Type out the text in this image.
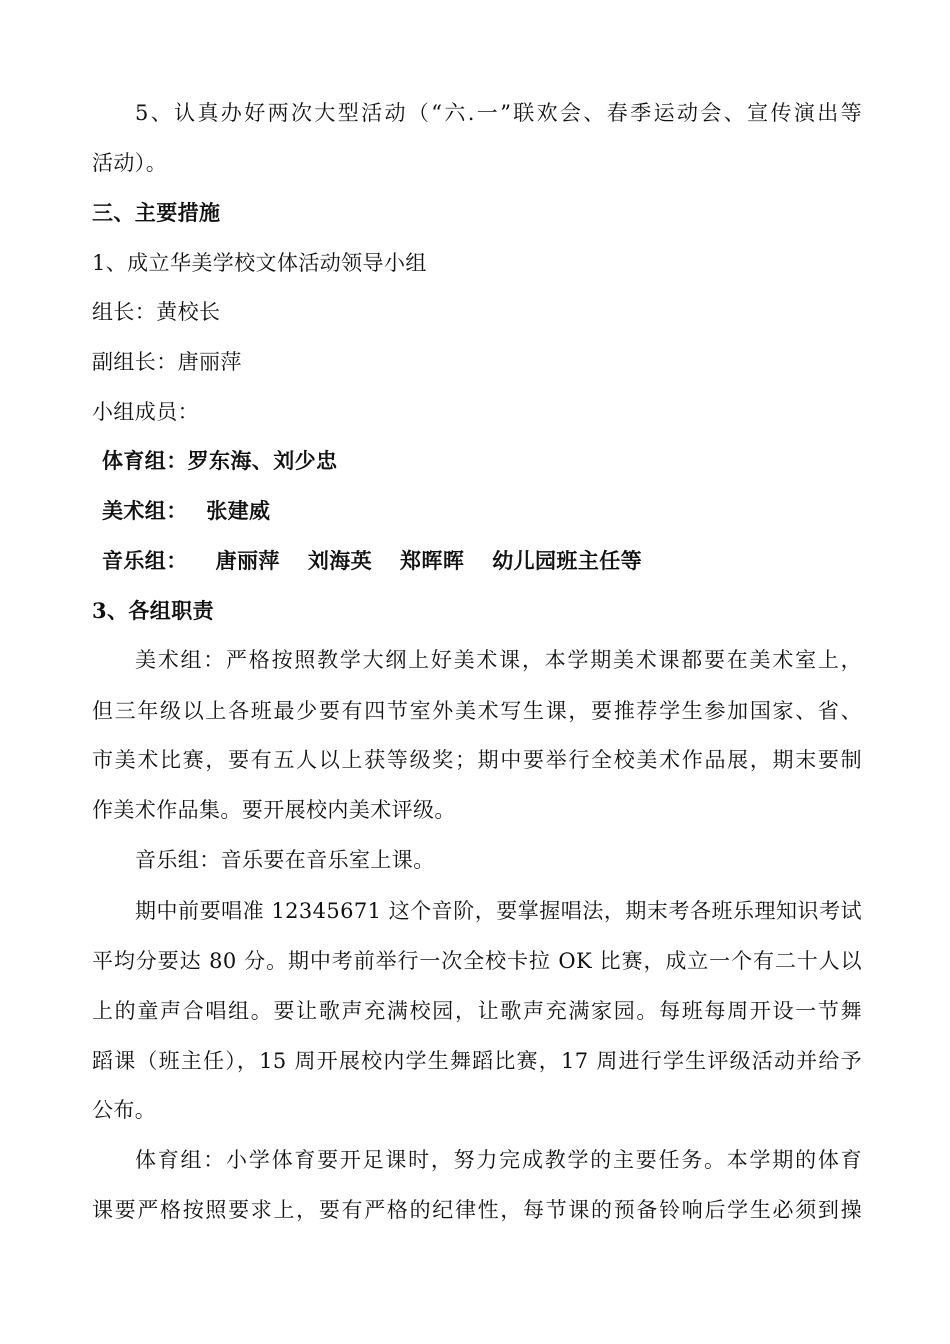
5、认真办好两次大型活动（“六.一”联欢会、春季运动会、宣传演出等
活动）。
三、主要措施
1、成立华美学校文体活动领导小组
组长：黄校长
副组长：唐丽萍
小组成员：
体育组：罗东海、刘少忠
美术组：　 张建威
音乐组： 唐丽萍 刘海英 郑晖晖 幼儿园班主任等
3、各组职责
美术组：严格按照教学大纲上好美术课，本学期美术课都要在美术室上，
但三年级以上各班最少要有四节室外美术写生课，要推荐学生参加国家、省、
市美术比赛，要有五人以上获等级奖；期中要举行全校美术作品展，期末要制
作美术作品集。要开展校内美术评级。
音乐组：音乐要在音乐室上课。
期中前要唱准 12345671 这个音阶，要掌握唱法，期末考各班乐理知识考试
平均分要达 80 分。期中考前举行一次全校卡拉 OK 比赛，成立一个有二十人以
上的童声合唱组。要让歌声充满校园，让歌声充满家园。每班每周开设一节舞
蹈课（班主任），15 周开展校内学生舞蹈比赛，17 周进行学生评级活动并给予
公布。
体育组：小学体育要开足课时，努力完成教学的主要任务。本学期的体育
课要严格按照要求上，要有严格的纪律性，每节课的预备铃响后学生必须到操
